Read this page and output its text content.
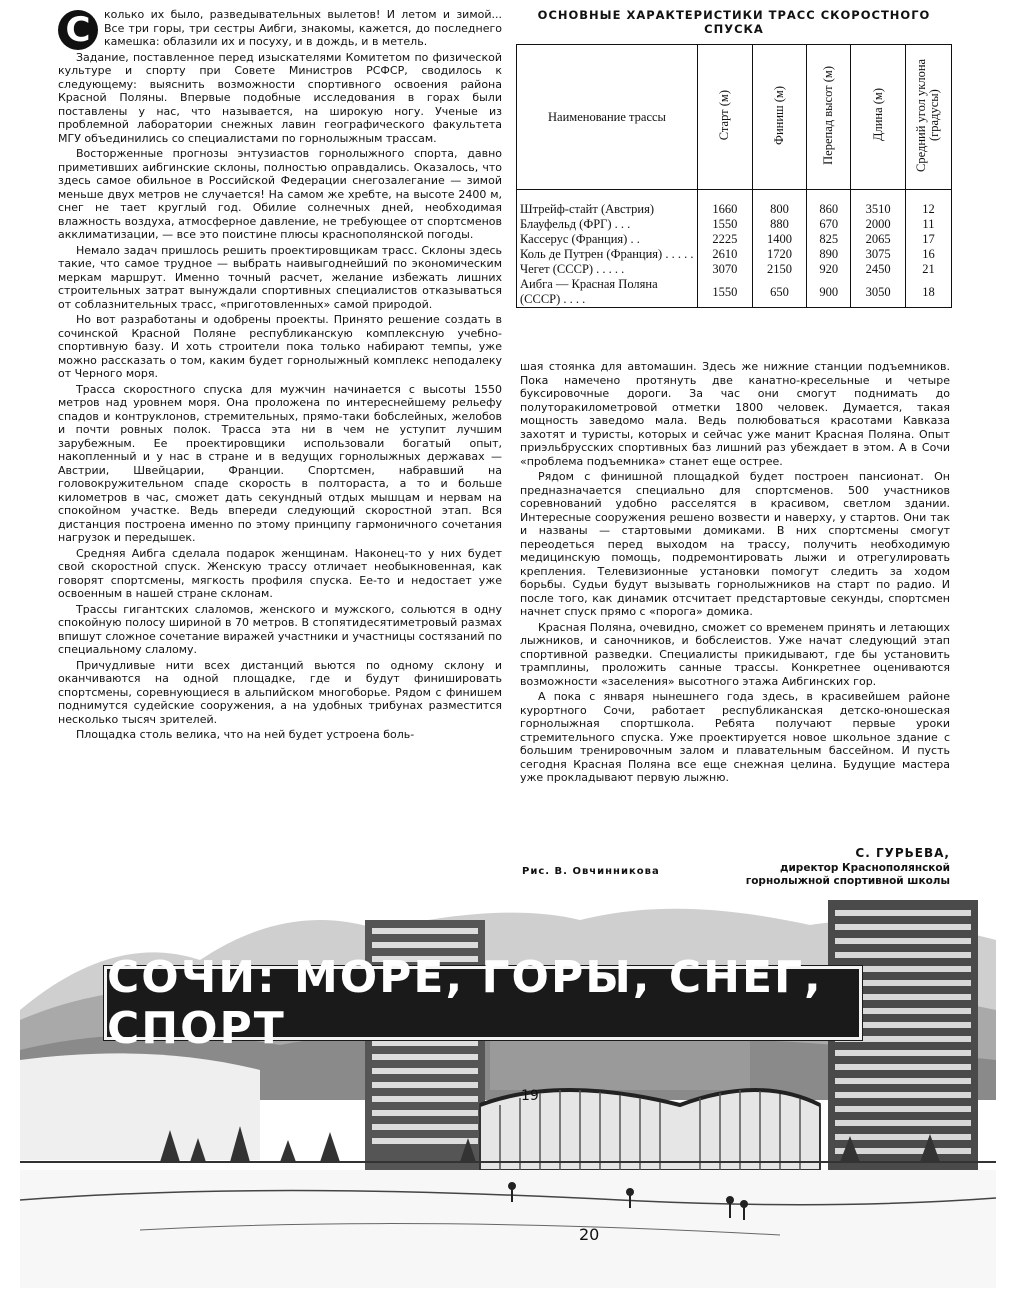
С	колько их было, разведывательных вылетов! И летом и зимой... Все три горы, три сестры Аибги, знакомы, кажется, до последнего камешка: облазили их и посуху, и в дождь, и в метель.

Задание, поставленное перед изыскателями Комитетом по физической культуре и спорту при Совете Министров РСФСР, сводилось к следующему: выяснить возможности спортивного освоения района Красной Поляны. Впервые подобные исследования в горах были поставлены у нас, что называется, на широкую ногу. Ученые из проблемной лаборатории снежных лавин географического факультета МГУ объединились со специалистами по горнолыжным трассам.

Восторженные прогнозы энтузиастов горнолыжного спорта, давно приметивших аибгинские склоны, полностью оправдались. Оказалось, что здесь самое обильное в Российской Федерации снегозалегание — зимой меньше двух метров не случается! На самом же хребте, на высоте 2400 м, снег не тает круглый год. Обилие солнечных дней, необходимая влажность воздуха, атмосферное давление, не требующее от спортсменов акклиматизации, — все это поистине плюсы краснополянской погоды.

Немало задач пришлось решить проектировщикам трасс. Склоны здесь такие, что самое трудное — выбрать наивыгоднейший по экономическим меркам маршрут. Именно точный расчет, желание избежать лишних строительных затрат вынуждали спортивных специалистов отказываться от соблазнительных трасс, «приготовленных» самой природой.

Но вот разработаны и одобрены проекты. Принято решение создать в сочинской Красной Поляне республиканскую комплексную учебно-спортивную базу. И хоть строители пока только набирают темпы, уже можно рассказать о том, каким будет горнолыжный комплекс неподалеку от Черного моря.

Трасса скоростного спуска для мужчин начинается с высоты 1550 метров над уровнем моря. Она проложена по интереснейшему рельефу спадов и контруклонов, стремительных, прямо-таки бобслейных, желобов и почти ровных полок. Трасса эта ни в чем не уступит лучшим зарубежным. Ее проектировщики использовали богатый опыт, накопленный и у нас в стране и в ведущих горнолыжных державах — Австрии, Швейцарии, Франции. Спортсмен, набравший на головокружительном спаде скорость в полтораста, а то и больше километров в час, сможет дать секундный отдых мышцам и нервам на спокойном участке. Ведь впереди следующий скоростной этап. Вся дистанция построена именно по этому принципу гармоничного сочетания нагрузок и передышек.

Средняя Аибга сделала подарок женщинам. Наконец-то у них будет свой скоростной спуск. Женскую трассу отличает необыкновенная, как говорят спортсмены, мягкость профиля спуска. Ее-то и недостает уже освоенным в нашей стране склонам.

Трассы гигантских слаломов, женского и мужского, сольются в одну спокойную полосу шириной в 70 метров. В стопятидесятиметровый размах впишут сложное сочетание виражей участники и участницы состязаний по специальному слалому.

Причудливые нити всех дистанций вьются по одному склону и оканчиваются на одной площадке, где и будут финишировать спортсмены, соревнующиеся в альпийском многоборье. Рядом с финишем поднимутся судейские сооружения, а на удобных трибунах разместится несколько тысяч зрителей.

Площадка столь велика, что на ней будет устроена боль-

ОСНОВНЫЕ ХАРАКТЕРИСТИКИ ТРАСС СКОРОСТНОГО СПУСКА
Наименование трассы	Старт (м)	Финиш (м)	Перепад высот (м)	Длина (м)	Средний угол уклона (градусы)

Штрейф-стайт (Австрия)	1660	800	860	3510	12
Блауфельд (ФРГ) . . .	1550	880	670	2000	11
Кассерус (Франция) . .	2225	1400	825	2065	17
Коль де Путрен (Франция) . . . . .	2610	1720	890	3075	16
Чегет (СССР) . . . . .	3070	2150	920	2450	21
Аибга — Красная Поляна (СССР) . . . .	1550	650	900	3050	18

шая стоянка для автомашин. Здесь же нижние станции подъемников. Пока намечено протянуть две канатно-кресельные и четыре буксировочные дороги. За час они смогут поднимать до полуторакилометровой отметки 1800 человек. Думается, такая мощность заведомо мала. Ведь полюбоваться красотами Кавказа захотят и туристы, которых и сейчас уже манит Красная Поляна. Опыт приэльбрусских спортивных баз лишний раз убеждает в этом. А в Сочи «проблема подъемника» станет еще острее.

Рядом с финишной площадкой будет построен пансионат. Он предназначается специально для спортсменов. 500 участников соревнований удобно расселятся в красивом, светлом здании. Интересные сооружения решено возвести и наверху, у стартов. Они так и названы — стартовыми домиками. В них спортсмены смогут переодеться перед выходом на трассу, получить необходимую медицинскую помощь, подремонтировать лыжи и отрегулировать крепления. Телевизионные установки помогут следить за ходом борьбы. Судьи будут вызывать горнолыжников на старт по радио. И после того, как динамик отсчитает предстартовые секунды, спортсмен начнет спуск прямо с «порога» домика.

Красная Поляна, очевидно, сможет со временем принять и летающих лыжников, и саночников, и бобслеистов. Уже начат следующий этап спортивной разведки. Специалисты прикидывают, где бы установить трамплины, проложить санные трассы. Конкретнее оцениваются возможности «заселения» высотного этажа Аибгинских гор.

А пока с января нынешнего года здесь, в красивейшем районе курортного Сочи, работает республиканская детско-юношеская горнолыжная спортшкола. Ребята получают первые уроки стремительного спуска. Уже проектируется новое школьное здание с большим тренировочным залом и плавательным бассейном. И пусть сегодня Красная Поляна все еще снежная целина. Будущие мастера уже прокладывают первую лыжню.

С. ГУРЬЕВА,
директор Краснополянской
горнолыжной спортивной школы
Рис. В. Овчинникова
19
20
СОЧИ: МОРЕ, ГОРЫ, СНЕГ, СПОРТ
